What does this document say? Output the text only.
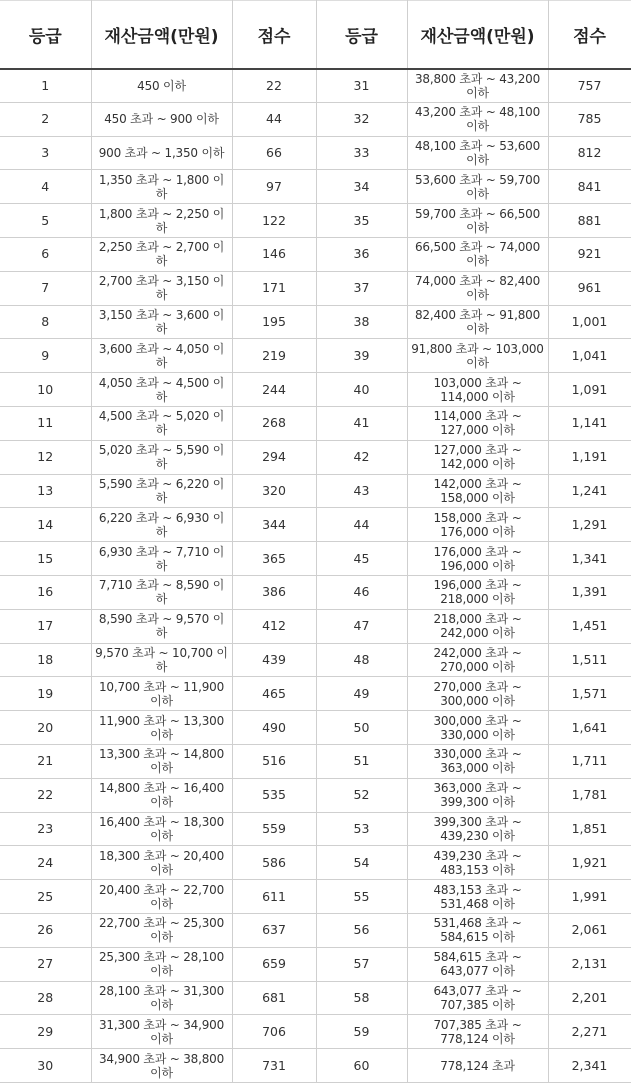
등급	재산금액(만원)	점수	등급	재산금액(만원)	점수
1	450 이하	22	31	38,800 초과 ~ 43,200 이하	757
2	450 초과 ~ 900 이하	44	32	43,200 초과 ~ 48,100 이하	785
3	900 초과 ~ 1,350 이하	66	33	48,100 초과 ~ 53,600 이하	812
4	1,350 초과 ~ 1,800 이하	97	34	53,600 초과 ~ 59,700 이하	841
5	1,800 초과 ~ 2,250 이하	122	35	59,700 초과 ~ 66,500 이하	881
6	2,250 초과 ~ 2,700 이하	146	36	66,500 초과 ~ 74,000 이하	921
7	2,700 초과 ~ 3,150 이하	171	37	74,000 초과 ~ 82,400 이하	961
8	3,150 초과 ~ 3,600 이하	195	38	82,400 초과 ~ 91,800 이하	1,001
9	3,600 초과 ~ 4,050 이하	219	39	91,800 초과 ~ 103,000 이하	1,041
10	4,050 초과 ~ 4,500 이하	244	40	103,000 초과 ~ 114,000 이하	1,091
11	4,500 초과 ~ 5,020 이하	268	41	114,000 초과 ~ 127,000 이하	1,141
12	5,020 초과 ~ 5,590 이하	294	42	127,000 초과 ~ 142,000 이하	1,191
13	5,590 초과 ~ 6,220 이하	320	43	142,000 초과 ~ 158,000 이하	1,241
14	6,220 초과 ~ 6,930 이하	344	44	158,000 초과 ~ 176,000 이하	1,291
15	6,930 초과 ~ 7,710 이하	365	45	176,000 초과 ~ 196,000 이하	1,341
16	7,710 초과 ~ 8,590 이하	386	46	196,000 초과 ~ 218,000 이하	1,391
17	8,590 초과 ~ 9,570 이하	412	47	218,000 초과 ~ 242,000 이하	1,451
18	9,570 초과 ~ 10,700 이하	439	48	242,000 초과 ~ 270,000 이하	1,511
19	10,700 초과 ~ 11,900 이하	465	49	270,000 초과 ~ 300,000 이하	1,571
20	11,900 초과 ~ 13,300 이하	490	50	300,000 초과 ~ 330,000 이하	1,641
21	13,300 초과 ~ 14,800 이하	516	51	330,000 초과 ~ 363,000 이하	1,711
22	14,800 초과 ~ 16,400 이하	535	52	363,000 초과 ~ 399,300 이하	1,781
23	16,400 초과 ~ 18,300 이하	559	53	399,300 초과 ~ 439,230 이하	1,851
24	18,300 초과 ~ 20,400 이하	586	54	439,230 초과 ~ 483,153 이하	1,921
25	20,400 초과 ~ 22,700 이하	611	55	483,153 초과 ~ 531,468 이하	1,991
26	22,700 초과 ~ 25,300 이하	637	56	531,468 초과 ~ 584,615 이하	2,061
27	25,300 초과 ~ 28,100 이하	659	57	584,615 초과 ~ 643,077 이하	2,131
28	28,100 초과 ~ 31,300 이하	681	58	643,077 초과 ~ 707,385 이하	2,201
29	31,300 초과 ~ 34,900 이하	706	59	707,385 초과 ~ 778,124 이하	2,271
30	34,900 초과 ~ 38,800 이하	731	60	778,124 초과	2,341
